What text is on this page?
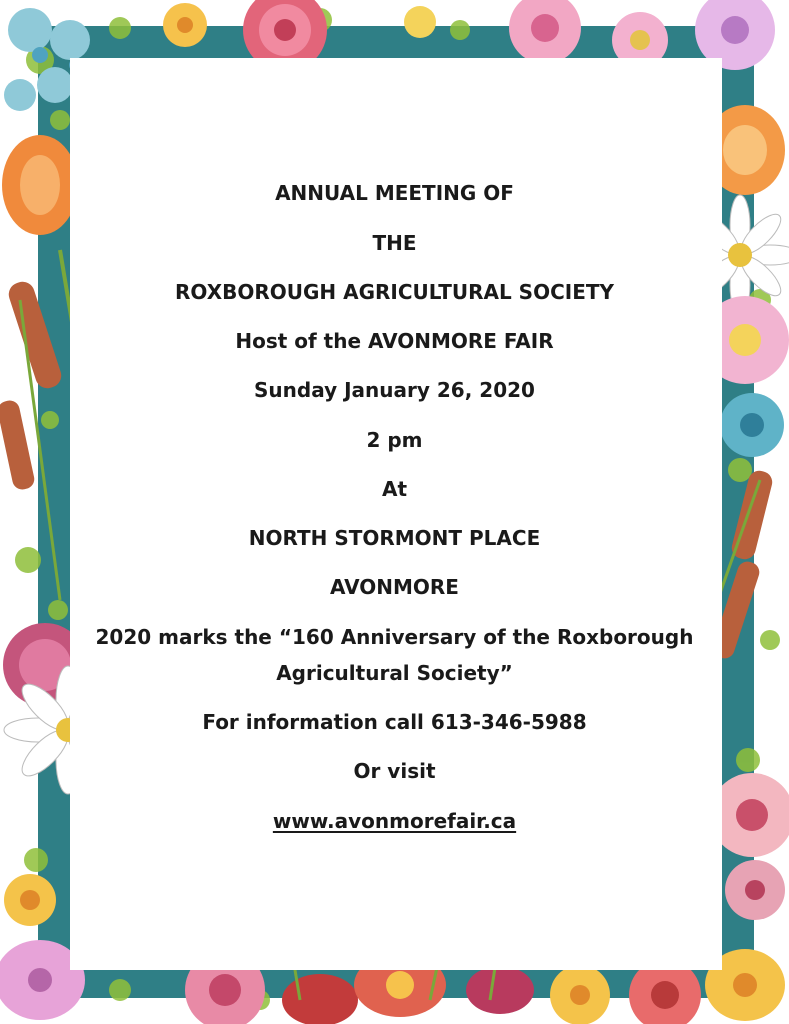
ANNUAL MEETING OF
THE
ROXBOROUGH AGRICULTURAL SOCIETY
Host of the AVONMORE FAIR
Sunday January 26, 2020
2 pm
At
NORTH STORMONT PLACE
AVONMORE
2020 marks the “160 Anniversary of the Roxborough
Agricultural Society”
For information call 613-346-5988
Or visit
www.avonmorefair.ca
